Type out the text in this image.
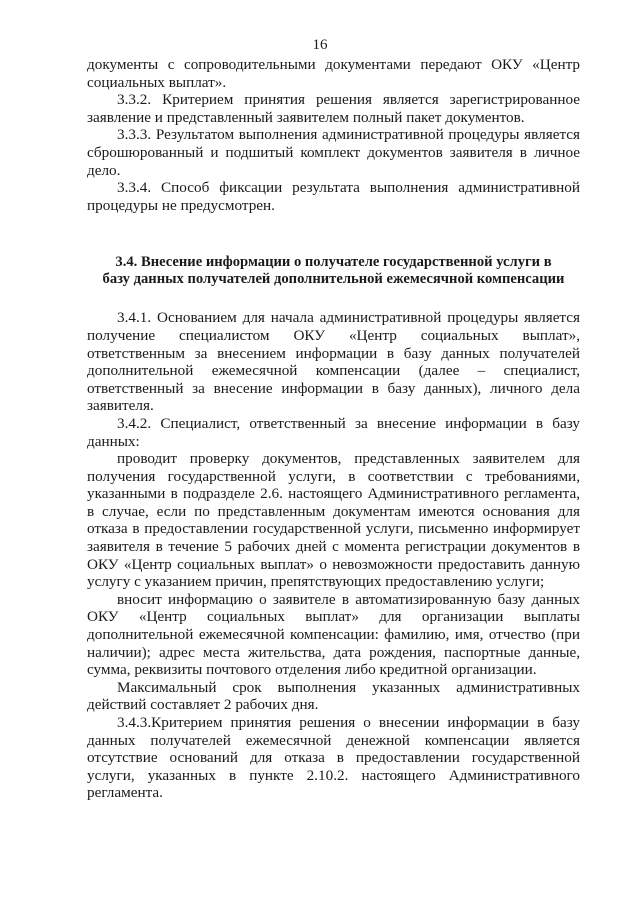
16

документы с сопроводительными документами передают ОКУ «Центр социальных выплат».

3.3.2. Критерием принятия решения является зарегистрированное заявление и представленный заявителем полный пакет документов.

3.3.3. Результатом выполнения административной процедуры является сброшюрованный и подшитый комплект документов заявителя в личное дело.

3.3.4. Способ фиксации результата выполнения административной процедуры не предусмотрен.

3.4. Внесение информации о получателе государственной услуги в

базу данных получателей дополнительной ежемесячной компенсации

3.4.1. Основанием для начала административной процедуры является получение специалистом ОКУ «Центр социальных выплат», ответственным за внесением информации в базу данных получателей дополнительной ежемесячной компенсации (далее – специалист, ответственный за внесение информации в базу данных), личного дела заявителя.

3.4.2. Специалист, ответственный за внесение информации в базу данных:

проводит проверку документов, представленных заявителем для получения государственной услуги, в соответствии с требованиями, указанными в подразделе 2.6. настоящего Административного регламента, в случае, если по представленным документам имеются основания для отказа в предоставлении государственной услуги, письменно информирует заявителя в течение 5 рабочих дней с момента регистрации документов в ОКУ «Центр социальных выплат» о невозможности предоставить данную услугу с указанием причин, препятствующих предоставлению услуги;

вносит информацию о заявителе в автоматизированную базу данных ОКУ «Центр социальных выплат» для организации выплаты дополнительной ежемесячной компенсации: фамилию, имя, отчество (при наличии); адрес места жительства, дата рождения, паспортные данные, сумма, реквизиты почтового отделения либо кредитной организации.

Максимальный срок выполнения указанных административных действий составляет 2 рабочих дня.

3.4.3.Критерием принятия решения о внесении информации в базу данных получателей ежемесячной денежной компенсации является отсутствие оснований для отказа в предоставлении государственной услуги, указанных в пункте 2.10.2. настоящего Административного регламента.
